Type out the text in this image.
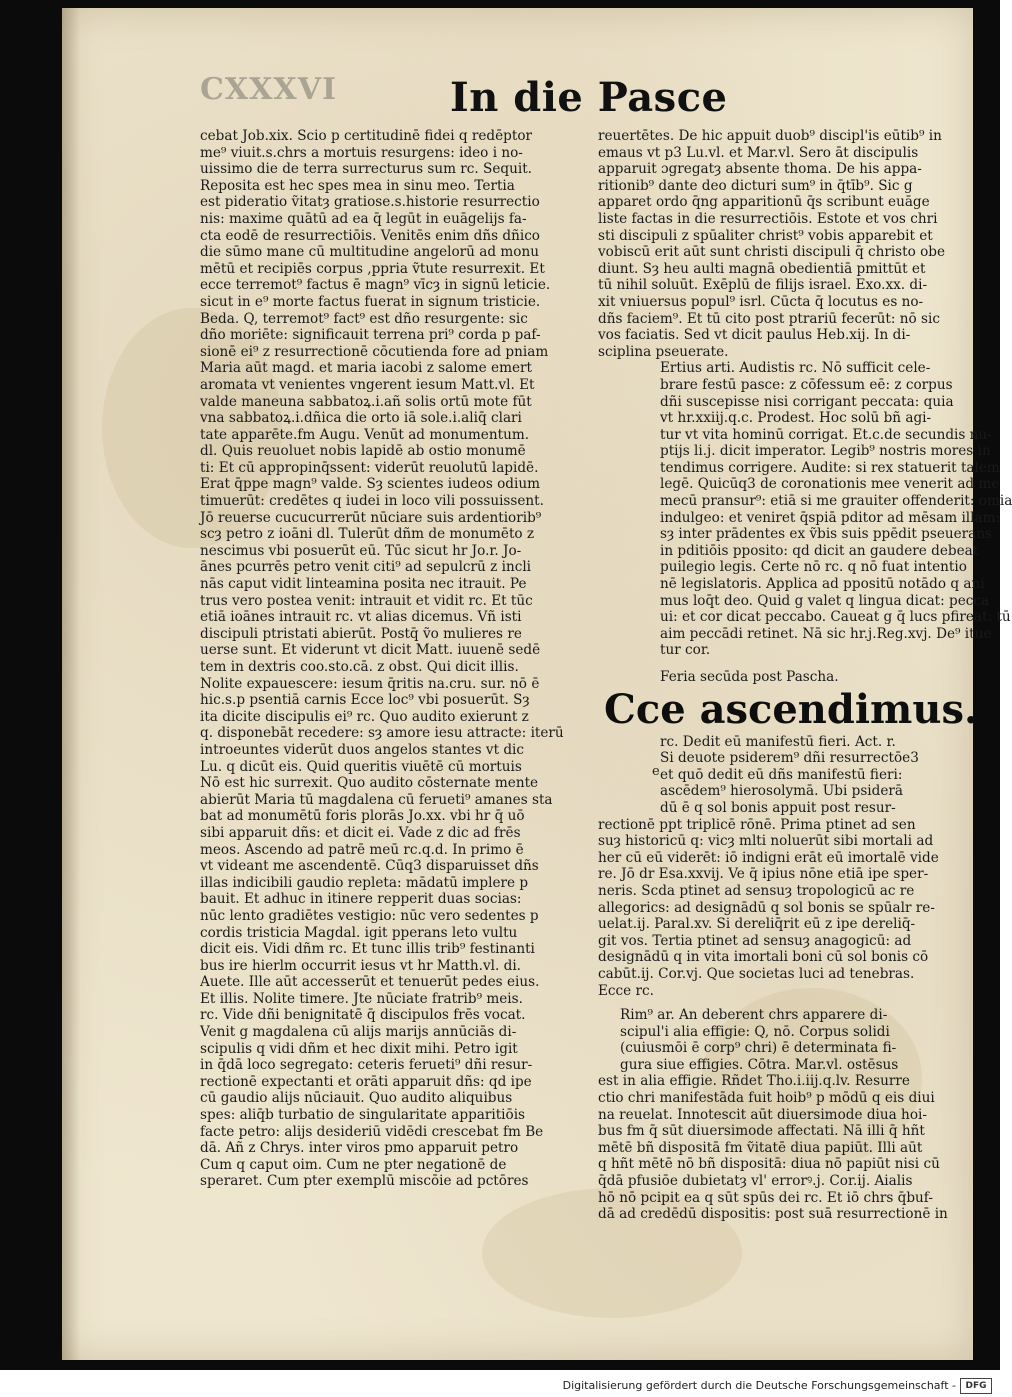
CXXXVI	In die Pasce

cebat Job.xix. Scio p certitudinē fidei q redēptor

me⁹ viuit.s.chrs a mortuis resurgens: ideo i no-

uissimo die de terra surrecturus sum rc. Sequit.

Reposita est hec spes mea in sinu meo. Tertia

est pideratio ṽitatȝ gratiose.s.historie resurrectio

nis: maxime quātū ad ea q̄ legūt in euāgelijs fa-

cta eodē de resurrectiōis. Venitēs enim dñs dñico

die sūmo mane cū multitudine angelorū ad monu

mētū et recipiēs corpus ,ppria ṽtute resurrexit. Et

ecce terremot⁹ factus ē magn⁹ vīcȝ in signū leticie.

sicut in e⁹ morte factus fuerat in signum tristicie.

Beda. Q, terremot⁹ fact⁹ est dño resurgente: sic

dño moriēte: significauit terrena pri⁹ corda p paf-

sionē ei⁹ z resurrectionē cōcutienda fore ad pniam

Maria aūt magd. et maria iacobi z salome emert

aromata vt venientes vngerent iesum Matt.vl. Et

valde maneuna sabbatoꝝ.i.añ solis ortū mote fūt

vna sabbatoꝝ.i.dñica die orto iā sole.i.aliq̄ clari

tate apparēte.fm Augu. Venūt ad monumentum.

dl. Quis reuoluet nobis lapidē ab ostio monumē

ti: Et cū appropinq̄ssent: viderūt reuolutū lapidē.

Erat q̄ppe magn⁹ valde. Sȝ scientes iudeos odium

timuerūt: credētes q iudei in loco vili possuissent.

Jō reuerse cucucurrerūt nūciare suis ardentiorib⁹

scȝ petro z ioāni dl. Tulerūt dñm de monumēto z

nescimus vbi posuerūt eū. Tūc sicut hr Jo.r. Jo-

ānes pcurrēs petro venit citi⁹ ad sepulcrū z incli

nās caput vidit linteamina posita nec itrauit. Pe

trus vero postea venit: intrauit et vidit rc. Et tūc

etiā ioānes intrauit rc. vt alias dicemus. Vñ isti

discipuli ptristati abierūt. Postq̄ ṽo mulieres re

uerse sunt. Et viderunt vt dicit Matt. iuuenē sedē

tem in dextris coo.sto.cā. z obst. Qui dicit illis.

Nolite expauescere: iesum q̄ritis na.cru. sur. nō ē

hic.s.p psentiā carnis Ecce loc⁹ vbi posuerūt. Sȝ

ita dicite discipulis ei⁹ rc. Quo audito exierunt z

q. disponebāt recedere: sȝ amore iesu attracte: iterū

introeuntes viderūt duos angelos stantes vt dic

Lu. q dicūt eis. Quid queritis viuētē cū mortuis

Nō est hic surrexit. Quo audito cōsternate mente

abierūt Maria tū magdalena cū ferueti⁹ amanes sta

bat ad monumētū foris plorās Jo.xx. vbi hr q̄ uō

sibi apparuit dñs: et dicit ei. Vade z dic ad frēs

meos. Ascendo ad patrē meū rc.q.d. In primo ē

vt videant me ascendentē. Cūq3 disparuisset dñs

illas indicibili gaudio repleta: mādatū implere p

bauit. Et adhuc in itinere repperit duas socias:

nūc lento gradiētes vestigio: nūc vero sedentes p

cordis tristicia Magdal. igit pperans leto vultu

dicit eis. Vidi dñm rc. Et tunc illis trib⁹ festinanti

bus ire hierlm occurrit iesus vt hr Matth.vl. di.

Auete. Ille aūt accesserūt et tenuerūt pedes eius.

Et illis. Nolite timere. Jte nūciate fratrib⁹ meis.

rc. Vide dñi benignitatē q̄ discipulos frēs vocat.

Venit g magdalena cū alijs marijs annūciās di-

scipulis q vidi dñm et hec dixit mihi. Petro igit

in q̄dā loco segregato: ceteris ferueti⁹ dñi resur-

rectionē expectanti et orāti apparuit dñs: qd ipe

cū gaudio alijs nūciauit. Quo audito aliquibus

spes: aliq̄b turbatio de singularitate apparitiōis

facte petro: alijs desideriū vidēdi crescebat fm Be

dā. Añ z Chrys. inter viros pmo apparuit petro

Cum q caput oim. Cum ne pter negationē de

speraret. Cum pter exemplū miscōie ad pctōres

reuertētes. De hic appuit duob⁹ discipl'is eūtib⁹ in

emaus vt p3 Lu.vl. et Mar.vl. Sero āt discipulis

apparuit ɔgregatȝ absente thoma. De his appa-

ritionib⁹ dante deo dicturi sum⁹ in q̄tīb⁹. Sic g

apparet ordo q̄ng apparitionū q̄s scribunt euāge

liste factas in die resurrectiōis. Estote et vos chri

sti discipuli z spūaliter christ⁹ vobis apparebit et

vobiscū erit aūt sunt christi discipuli q̄ christo obe

diunt. Sȝ heu aulti magnā obedientiā pmittūt et

tū nihil soluūt. Exēplū de filijs israel. Exo.xx. di-

xit vniuersus popul⁹ isrl. Cūcta q̄ locutus es no-

dñs faciem⁹. Et tū cito post ptrariū fecerūt: nō sic

vos faciatis. Sed vt dicit paulus Heb.xij. In di-

sciplina pseuerate.

Ertius arti. Audistis rc. Nō sufficit cele-

brare festū pasce: z cōfessum eē: z corpus

dñi suscepisse nisi corrigant peccata: quia

vt hr.xxiij.q.c. Prodest. Hoc solū bñ agi-

tur vt vita hominū corrigat. Et.c.de secundis nu-

ptijs li.j. dicit imperator. Legib⁹ nostris mores in

tendimus corrigere. Audite: si rex statuerit talem

legē. Quicūq3 de coronationis mee venerit ad me

mecū pransur⁹: etiā si me grauiter offenderit: omia

indulgeo: et veniret q̄spiā pditor ad mēsam illam:

sȝ inter prādentes ex ṽbis suis ppēdit pseuerans

in pditiōis pposito: qd dicit an gaudere debeat

puilegio legis. Certe nō rc. q nō fuat intentio

nē legislatoris. Applica ad ppositū notādo q ani

mus loq̄t deo. Quid g valet q lingua dicat: pecca

ui: et cor dicat peccabo. Caueat g q̄ lucs pfireat: tū

aim peccādi retinet. Nā sic hr.j.Reg.xvj. De⁹ itue

tur cor.

Feria secūda post Pascha.

Cce ascendimus.

rc. Dedit eū manifestū fieri. Act. r.

Si deuote psiderem⁹ dñi resurrectōe3

et quō dedit eū dñs manifestū fieri:

ascēdem⁹ hierosolymā. Ubi psiderā

dū ē q sol bonis appuit post resur-

rectionē ppt triplicē rōnē. Prima ptinet ad sen

suȝ historicū q: vicȝ mlti noluerūt sibi mortali ad

her cū eū viderēt: iō indigni erāt eū imortalē vide

re. Jō dr Esa.xxvij. Ve q̄ ipius nōne etiā ipe sper-

neris. Scda ptinet ad sensuȝ tropologicū ac re

allegorics: ad designādū q sol bonis se spūalr re-

uelat.ij. Paral.xv. Si dereliq̄rit eū z ipe dereliq̄-

git vos. Tertia ptinet ad sensuȝ anagogicū: ad

designādū q in vita imortali boni cū sol bonis cō

cabūt.ij. Cor.vj. Que societas luci ad tenebras.

Ecce rc.

Rim⁹ ar. An deberent chrs apparere di-

scipul'i alia effigie: Q, nō. Corpus solidi

(cuiusmōi ē corp⁹ chri) ē determinata fi-

gura siue effigies. Cōtra. Mar.vl. ostēsus

est in alia effigie. Rñdet Tho.i.iij.q.lv. Resurre

ctio chri manifestāda fuit hoib⁹ p mōdū q eis diui

na reuelat. Innotescit aūt diuersimode diua hoi-

bus fm q̄ sūt diuersimode affectati. Nā illi q̄ hñt

mētē bñ dispositā fm ṽitatē diua papiūt. Illi aūt

q hñt mētē nō bñ dispositā: diua nō papiūt nisi cū

q̄dā pfusiōe dubietatȝ vl' errorꝰ.j. Cor.ij. Aialis

hō nō pcipit ea q sūt spūs dei rc. Et iō chrs q̄buf-

dā ad credēdū dispositis: post suā resurrectionē in

e
Digitalisierung gefördert durch die Deutsche Forschungsgemeinschaft -	DFG
